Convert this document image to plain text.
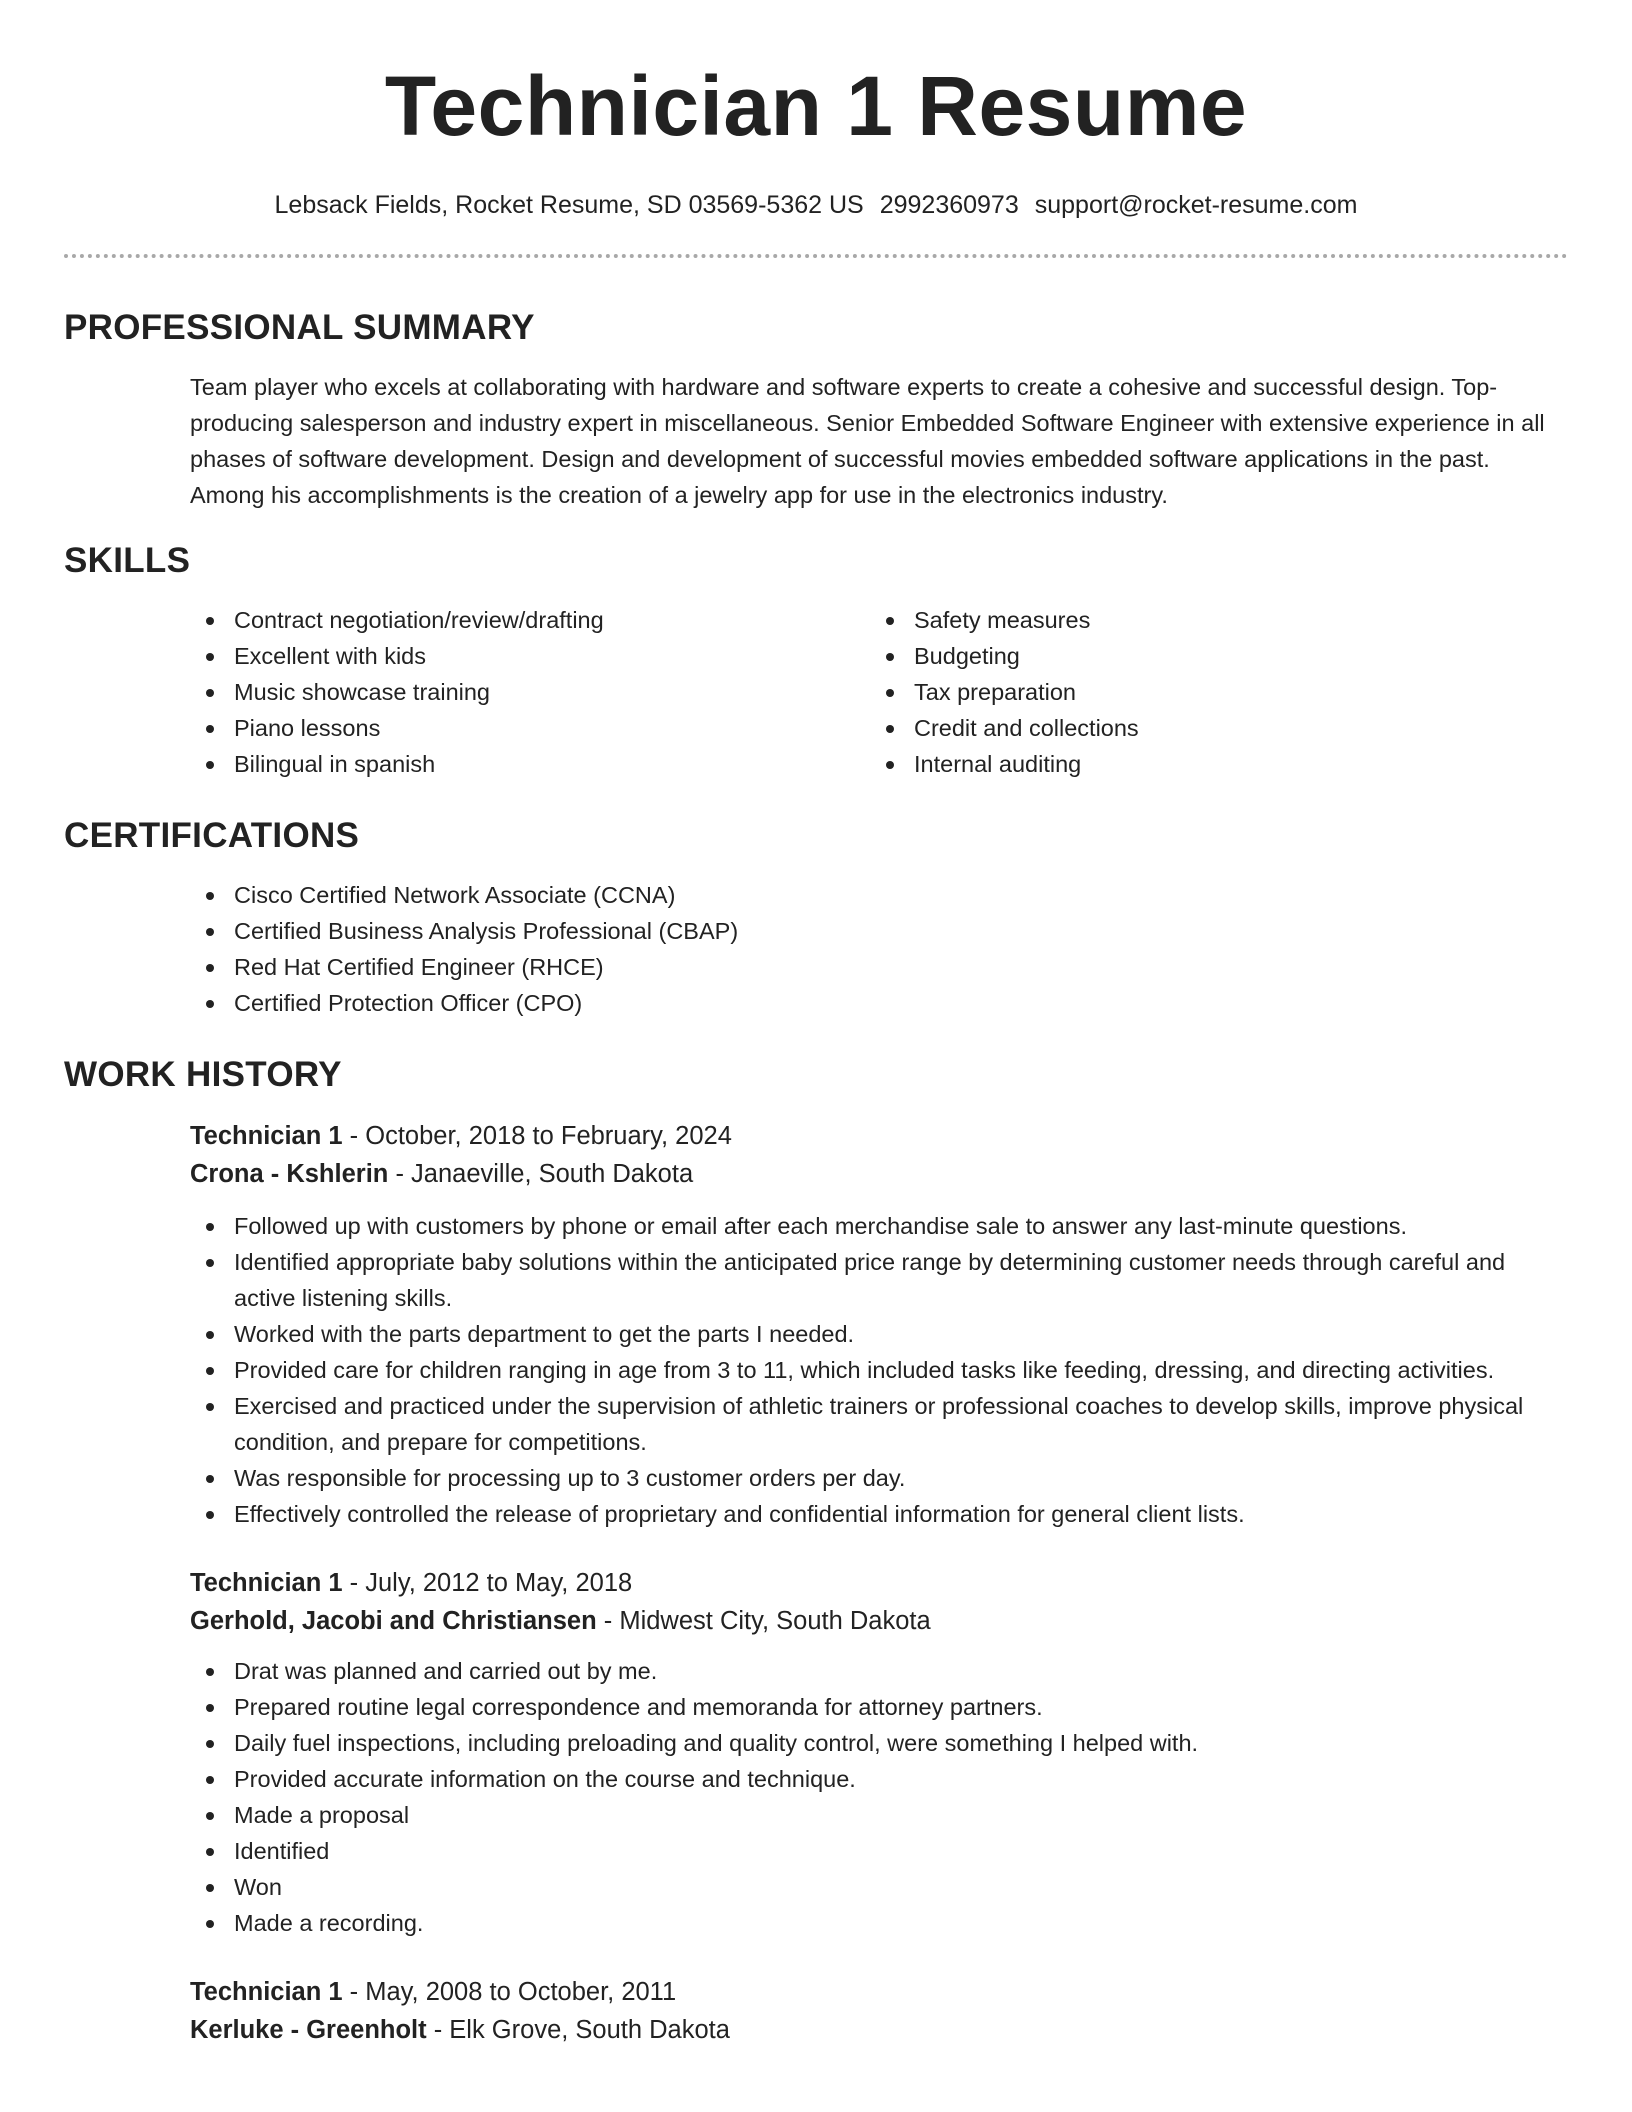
Technician 1 Resume
Lebsack Fields, Rocket Resume, SD 03569-5362 US 2992360973 support@rocket-resume.com
PROFESSIONAL SUMMARY

Team player who excels at collaborating with hardware and software experts to create a cohesive and successful design. Top-producing salesperson and industry expert in miscellaneous. Senior Embedded Software Engineer with extensive experience in all phases of software development. Design and development of successful movies embedded software applications in the past. Among his accomplishments is the creation of a jewelry app for use in the electronics industry.

SKILLS
Contract negotiation/review/drafting
Excellent with kids
Music showcase training
Piano lessons
Bilingual in spanish
Safety measures
Budgeting
Tax preparation
Credit and collections
Internal auditing
CERTIFICATIONS
Cisco Certified Network Associate (CCNA)
Certified Business Analysis Professional (CBAP)
Red Hat Certified Engineer (RHCE)
Certified Protection Officer (CPO)
WORK HISTORY
Technician 1 - October, 2018 to February, 2024
Crona - Kshlerin - Janaeville, South Dakota
Followed up with customers by phone or email after each merchandise sale to answer any last-minute questions.
Identified appropriate baby solutions within the anticipated price range by determining customer needs through careful and active listening skills.
Worked with the parts department to get the parts I needed.
Provided care for children ranging in age from 3 to 11, which included tasks like feeding, dressing, and directing activities.
Exercised and practiced under the supervision of athletic trainers or professional coaches to develop skills, improve physical condition, and prepare for competitions.
Was responsible for processing up to 3 customer orders per day.
Effectively controlled the release of proprietary and confidential information for general client lists.
Technician 1 - July, 2012 to May, 2018
Gerhold, Jacobi and Christiansen - Midwest City, South Dakota
Drat was planned and carried out by me.
Prepared routine legal correspondence and memoranda for attorney partners.
Daily fuel inspections, including preloading and quality control, were something I helped with.
Provided accurate information on the course and technique.
Made a proposal
Identified
Won
Made a recording.
Technician 1 - May, 2008 to October, 2011
Kerluke - Greenholt - Elk Grove, South Dakota
